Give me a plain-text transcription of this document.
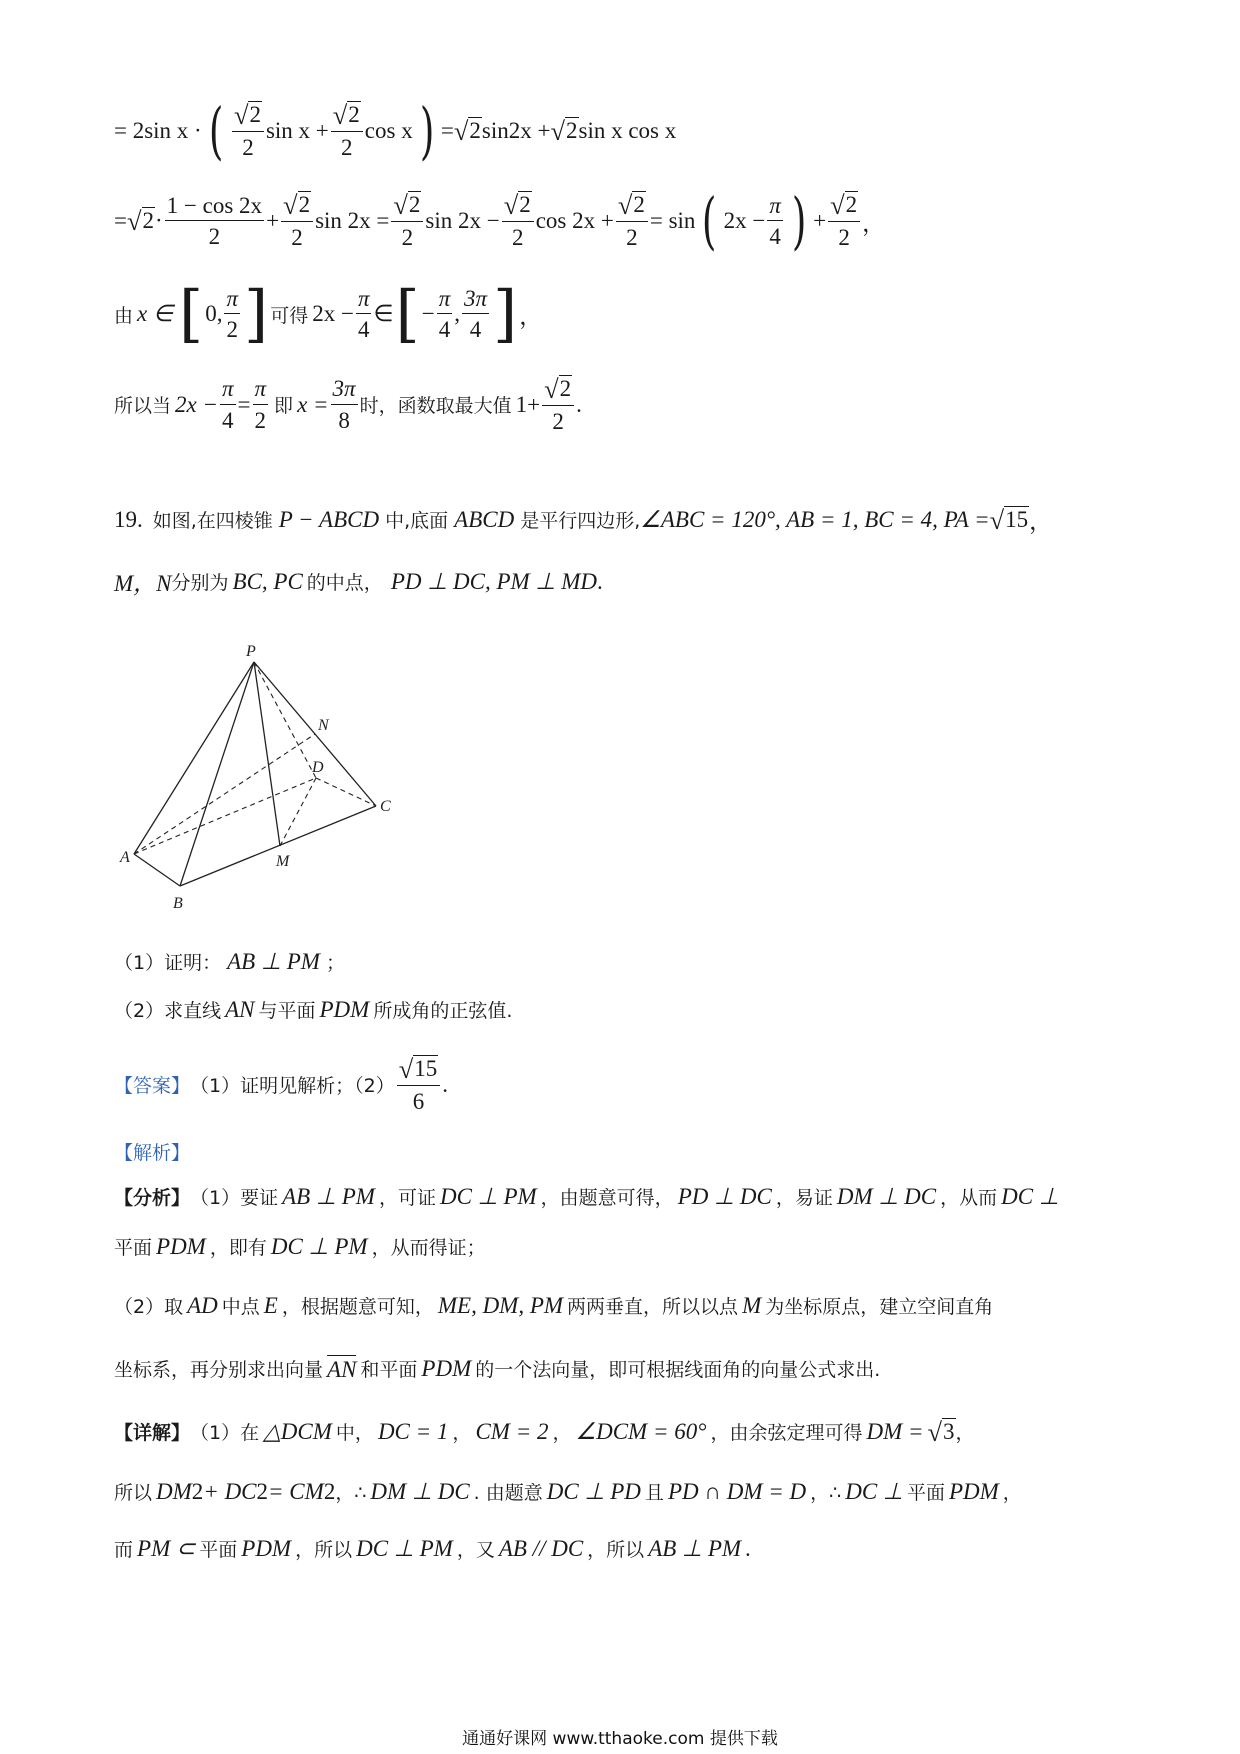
= 2sin x · ( $\frac{√ 2}{2}$ $\sin x + \frac{√ 2}{2}$ cos x ) = √ 2 sin 2 x + √ 2 sin x cos x
= √ $2 \cdot \frac{1 - \cos 2x}{2} + \frac{√ 2}{2}$ $\sin 2x = \frac{√ 2}{2}$ $\sin 2x - \frac{√ 2}{2}$ $\cos 2x + \frac{√ 2}{2} = \sin$ ( $2x - \frac{\pi}{4}$ ) + $\frac{√ 2}{2}$ ，
由 x ∈ [ 0, $\frac{\pi}{2}$ ] 可得 $2x - \frac{\pi}{4}$ ∈ [ − $\frac{\pi}{4}$ , $\frac{3\pi}{4}$ ] ，
所以当 $2x - \frac{\pi}{4} = \frac{\pi}{2}$ 即 $x = \frac{3\pi}{8}$ 时，函数取最大值 $1+ \frac{√ 2}{2}$ .
19. 如图,在四棱锥 P − ABCD 中,底面 ABCD 是平行四边形, ∠ABC = 120°, AB = 1, BC = 4, PA = √ 15 ，
M，N 分别为 BC, PC 的中点， PD ⊥ DC, PM ⊥ MD .
P
N
D
C
A	M
B
（1）证明： AB ⊥ PM ；
（2）求直线 AN 与平面 PDM 所成角的正弦值.
【答案】 （1）证明见解析；$(2) \frac{√ 15}{6}$ .
【解析】
【分析】 （1）要证 AB ⊥ PM ，可证 DC ⊥ PM ，由题意可得， PD ⊥ DC ，易证 DM ⊥ DC ，从而 DC ⊥
平面 PDM ，即有 DC ⊥ PM ，从而得证；
（2）取 AD 中点 E ，根据题意可知， ME, DM, PM 两两垂直，所以以点 M 为坐标原点，建立空间直角
坐标系，再分别求出向量 AN 和平面 PDM 的一个法向量，即可根据线面角的向量公式求出.
【详解】 （1）在 △DCM 中， DC = 1 ， CM = 2 ， ∠DCM = 60° ，由余弦定理可得 DM = √ 3 ，
所以 DM 2 + DC 2 = CM 2 ，∴ DM ⊥ DC . 由题意 DC ⊥ PD 且 PD ∩ DM = D ，∴ DC ⊥ 平面 PDM ，
而 PM ⊂ 平面 PDM ，所以 DC ⊥ PM ，又 AB // DC ，所以 AB ⊥ PM .
通通好课网 www.tthaoke.com 提供下载
